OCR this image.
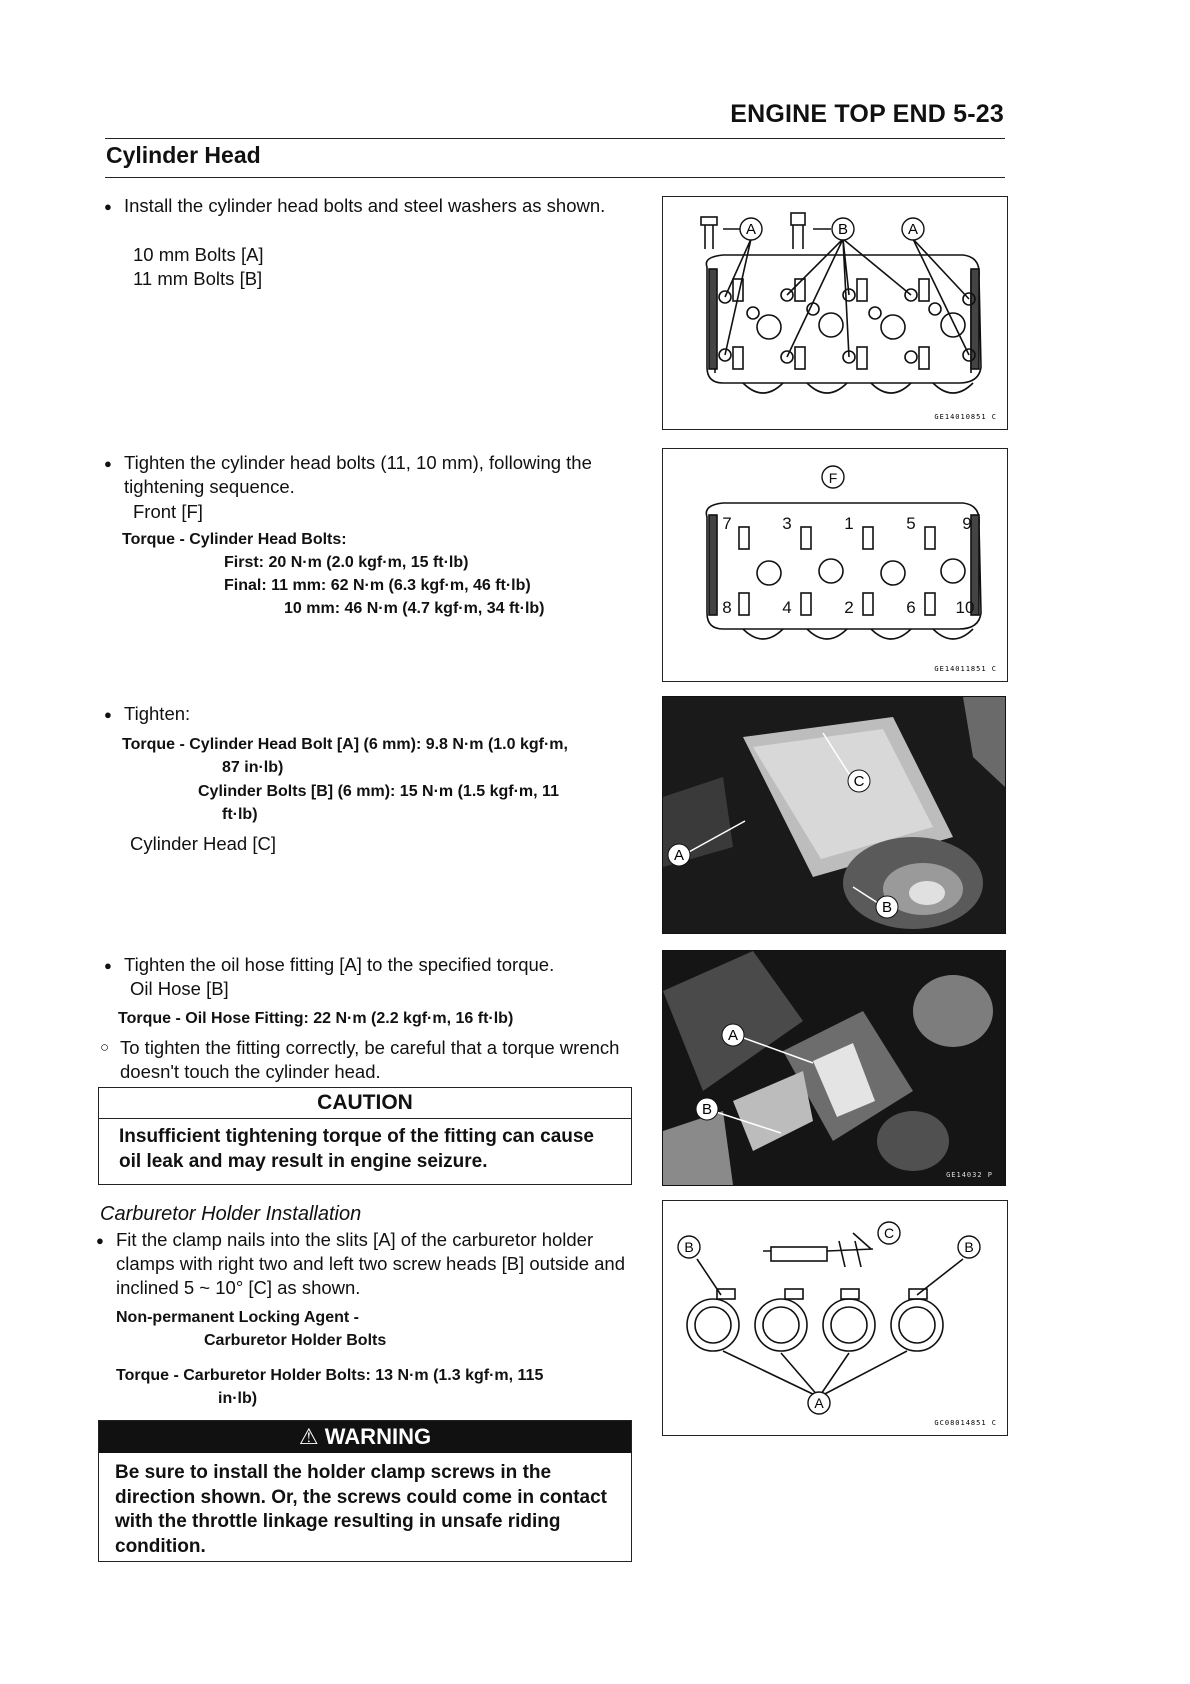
ENGINE TOP END 5-23
Cylinder Head
● Install the cylinder head bolts and steel washers as shown.
10 mm Bolts [A]
11 mm Bolts [B]
A	B	A
GE14010851 C
● Tighten the cylinder head bolts (11, 10 mm), following the tightening sequence.
Front [F]
Torque - Cylinder Head Bolts:
First: 20 N·m (2.0 kgf·m, 15 ft·lb)
Final: 11 mm: 62 N·m (6.3 kgf·m, 46 ft·lb)
10 mm: 46 N·m (4.7 kgf·m, 34 ft·lb)
F
7	3	1	5	9
8	4	2	6 10
GE14011851 C
● Tighten:
Torque - Cylinder Head Bolt [A] (6 mm): 9.8 N·m (1.0 kgf·m,
87 in·lb)
Cylinder Bolts [B] (6 mm): 15 N·m (1.5 kgf·m, 11
ft·lb)
Cylinder Head [C]
C
A
B
● Tighten the oil hose fitting [A] to the specified torque.
Oil Hose [B]
Torque - Oil Hose Fitting: 22 N·m (2.2 kgf·m, 16 ft·lb)
○ To tighten the fitting correctly, be careful that a torque wrench doesn't touch the cylinder head.
CAUTION
Insufficient tightening torque of the fitting can cause oil leak and may result in engine seizure.
A
B
GE14032 P
Carburetor Holder Installation
● Fit the clamp nails into the slits [A] of the carburetor holder clamps with right two and left two screw heads [B] outside and inclined 5 ~ 10° [C] as shown.
Non-permanent Locking Agent -
Carburetor Holder Bolts
Torque - Carburetor Holder Bolts: 13 N·m (1.3 kgf·m, 115
in·lb)
B
C
B
A
GC08014851 C
⚠ WARNING
Be sure to install the holder clamp screws in the direction shown. Or, the screws could come in contact with the throttle linkage resulting in unsafe riding condition.
